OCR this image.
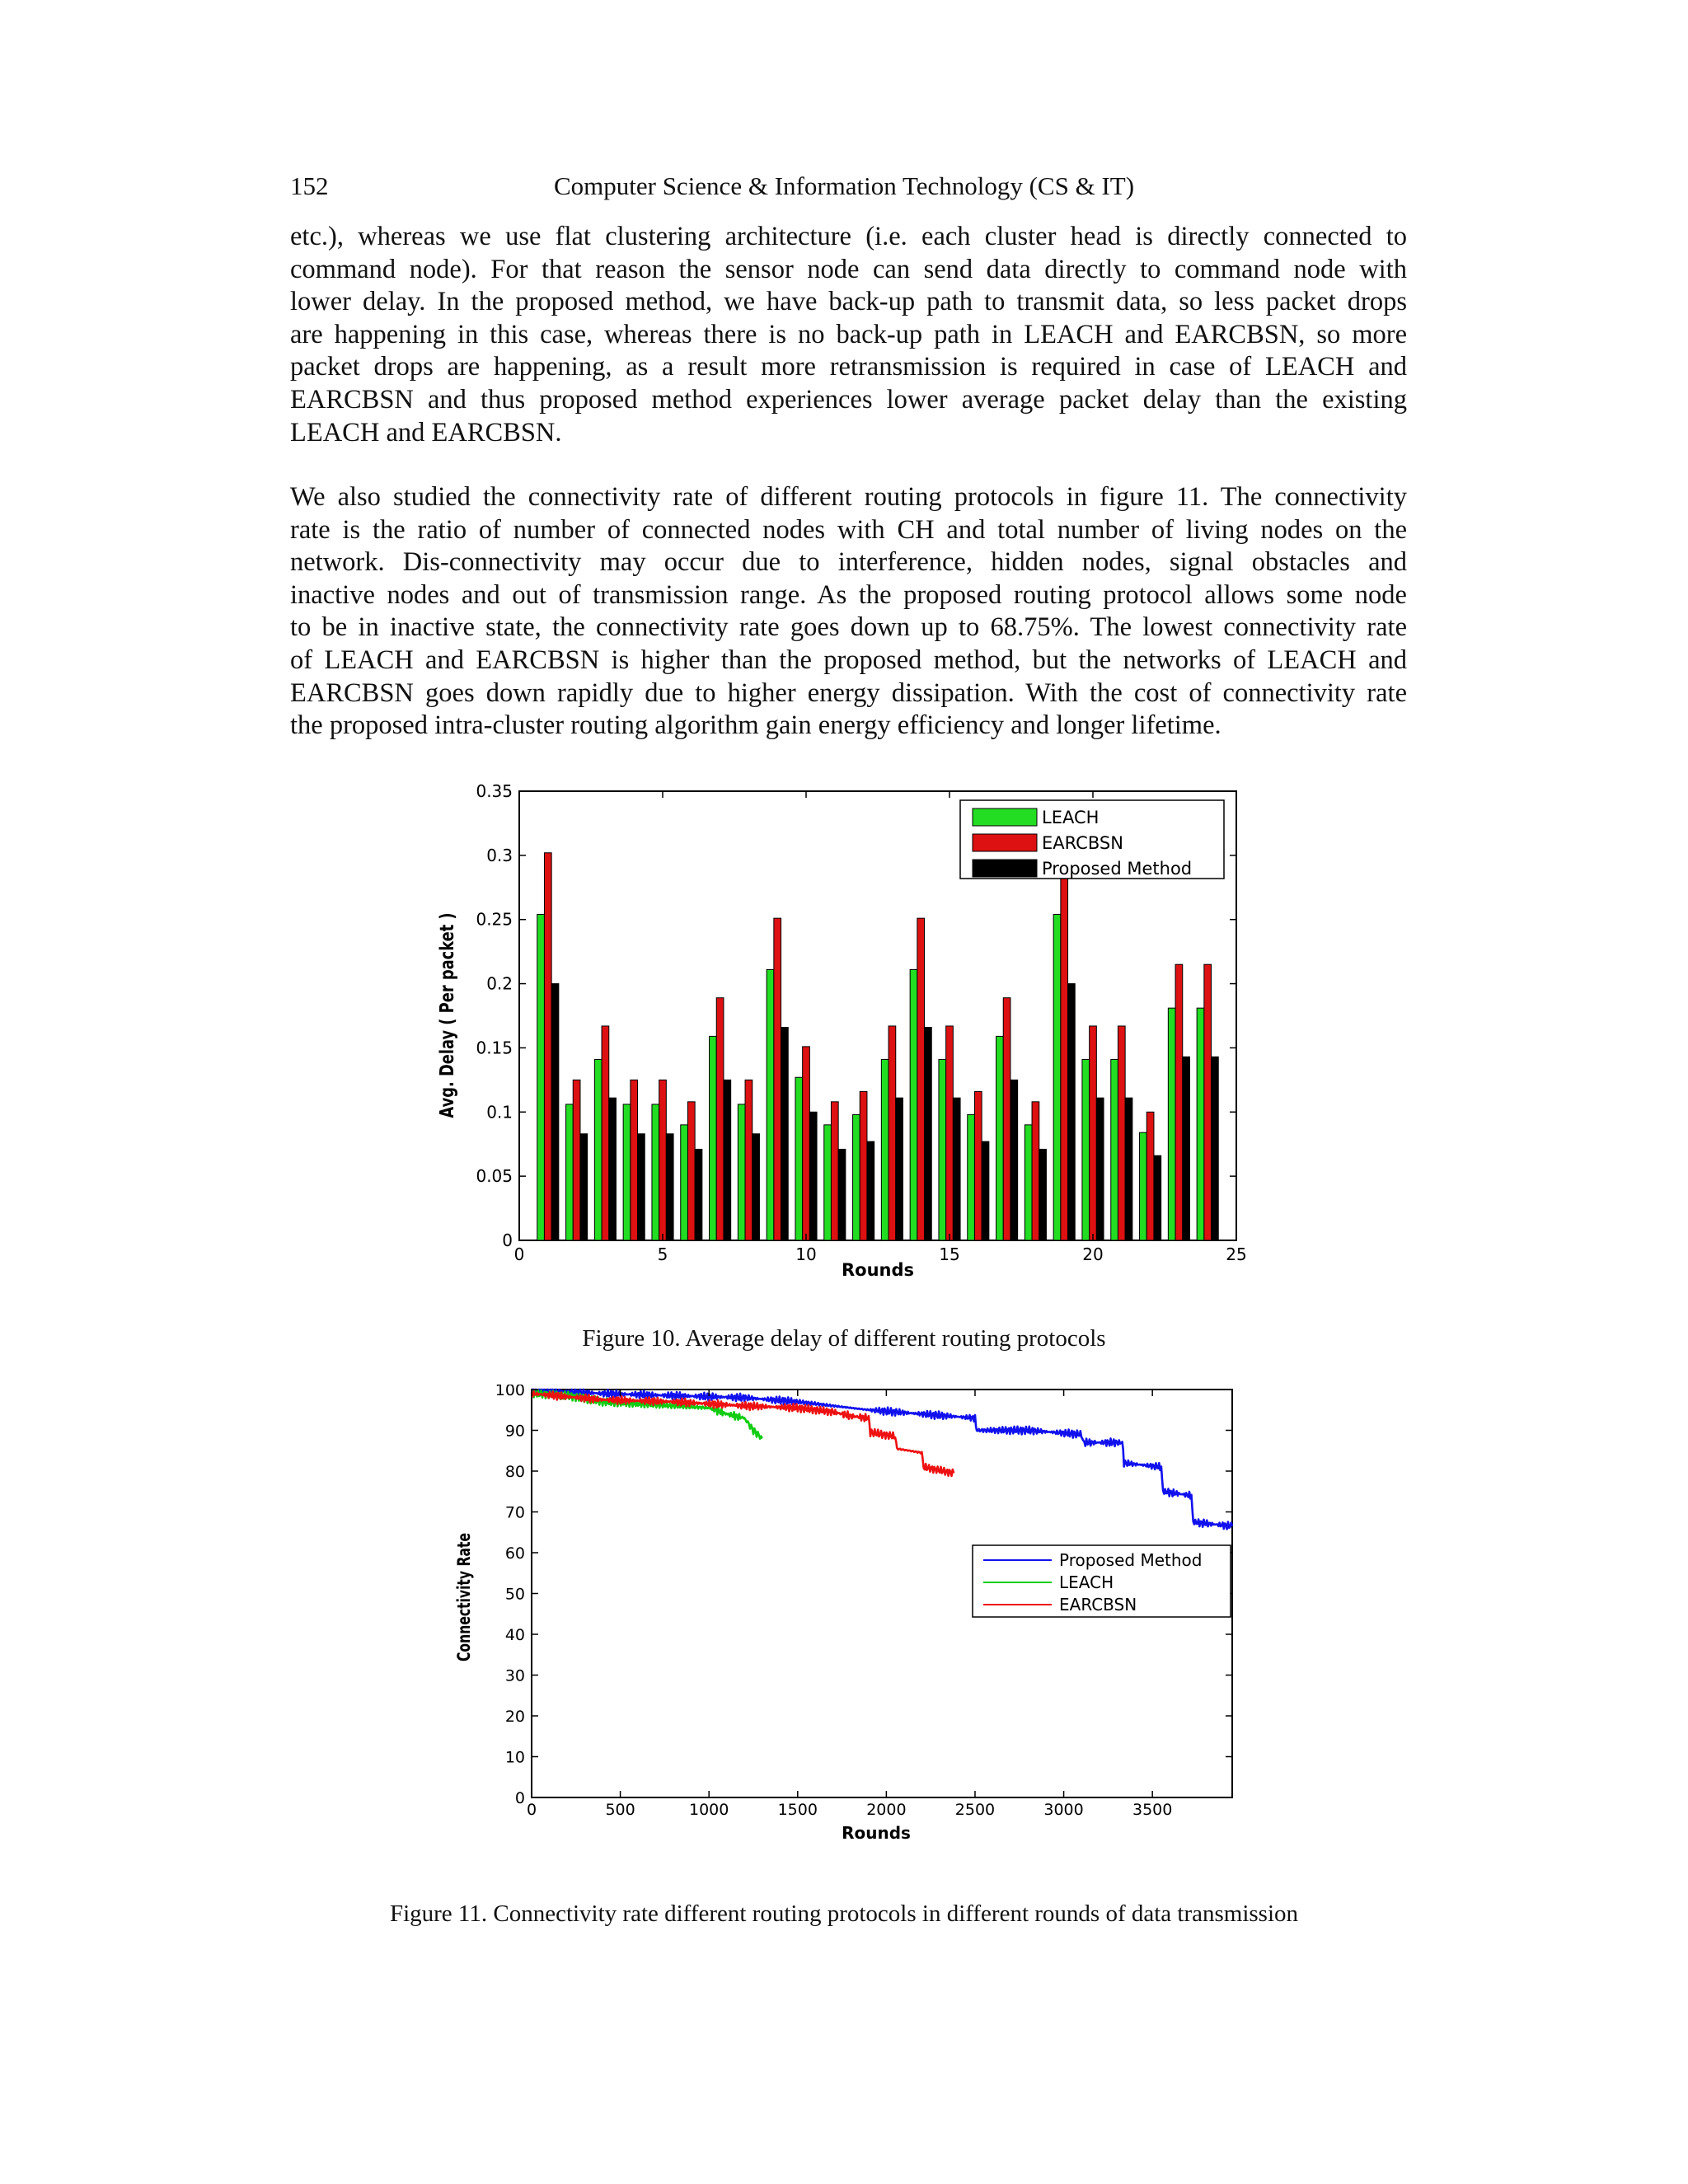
152	Computer Science & Information Technology (CS & IT)
etc.), whereas we use flat clustering architecture (i.e. each cluster head is directly connected to
command node). For that reason the sensor node can send data directly to command node with
lower delay. In the proposed method, we have back-up path to transmit data, so less packet drops
are happening in this case, whereas there is no back-up path in LEACH and EARCBSN, so more
packet drops are happening, as a result more retransmission is required in case of LEACH and
EARCBSN and thus proposed method experiences lower average packet delay than the existing
LEACH and EARCBSN.
We also studied the connectivity rate of different routing protocols in figure 11. The connectivity
rate is the ratio of number of connected nodes with CH and total number of living nodes on the
network. Dis-connectivity may occur due to interference, hidden nodes, signal obstacles and
inactive nodes and out of transmission range. As the proposed routing protocol allows some node
to be in inactive state, the connectivity rate goes down up to 68.75%. The lowest connectivity rate
of LEACH and EARCBSN is higher than the proposed method, but the networks of LEACH and
EARCBSN goes down rapidly due to higher energy dissipation. With the cost of connectivity rate
the proposed intra-cluster routing algorithm gain energy efficiency and longer lifetime.
0	5	10	15	20	25
0
0.05
0.1
0.15
0.2
0.25
0.3
0.35
Rounds
Avg. Delay ( Per packet )
LEACH
EARCBSN
Proposed Method
Figure 10. Average delay of different routing protocols
0	500	1000	1500	2000	2500	3000	3500
0
10
20
30
40
50
60
70
80
90
100
Rounds
Connectivity Rate	Proposed Method
LEACH
EARCBSN
Figure 11. Connectivity rate different routing protocols in different rounds of data transmission
